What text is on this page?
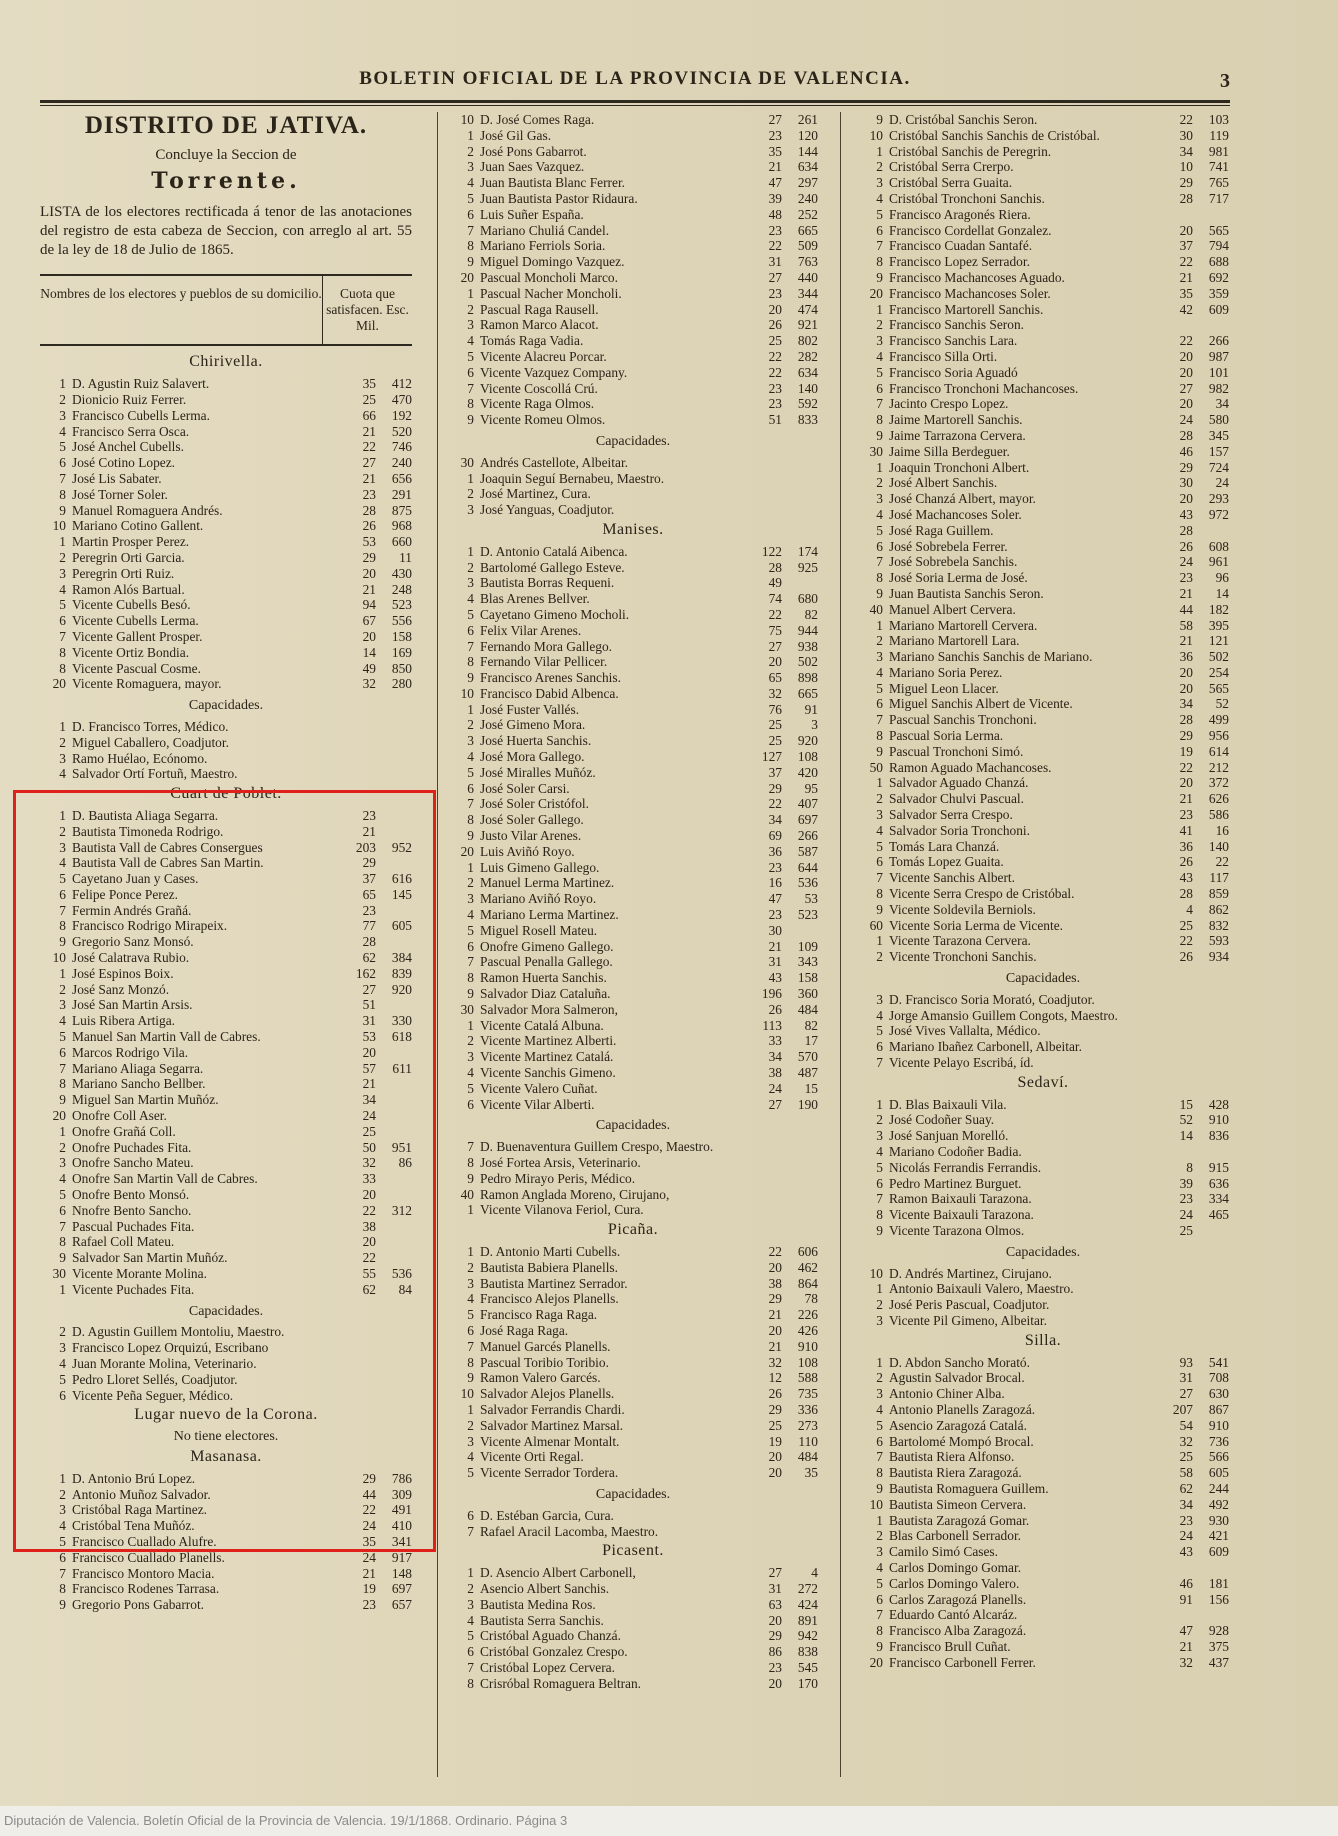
BOLETIN OFICIAL DE LA PROVINCIA DE VALENCIA.	3
DISTRITO DE JATIVA.
Concluye la Seccion de
Torrente.
LISTA de los electores rectificada á tenor de las anotaciones del registro de esta cabeza de Seccion, con arreglo al art. 55 de la ley de 18 de Julio de 1865.
Nombres de los electores y pueblos de su domicilio.	Cuota que satisfacen. Esc. Mil.
Chirivella.
1 D. Agustin Ruiz Salavert.	35	412
2 Dionicio Ruiz Ferrer.	25	470
3 Francisco Cubells Lerma.	66	192
4 Francisco Serra Osca.	21	520
5 José Anchel Cubells.	22	746
6 José Cotino Lopez.	27	240
7 José Lis Sabater.	21	656
8 José Torner Soler.	23	291
9 Manuel Romaguera Andrés.	28	875
10 Mariano Cotino Gallent.	26	968
1 Martin Prosper Perez.	53	660
2 Peregrin Orti Garcia.	29	11
3 Peregrin Orti Ruiz.	20	430
4 Ramon Alós Bartual.	21	248
5 Vicente Cubells Besó.	94	523
6 Vicente Cubells Lerma.	67	556
7 Vicente Gallent Prosper.	20	158
8 Vicente Ortiz Bondia.	14	169
8 Vicente Pascual Cosme.	49	850
20 Vicente Romaguera, mayor.	32	280
Capacidades.
1 D. Francisco Torres, Médico.
2 Miguel Caballero, Coadjutor.
3 Ramo Huélao, Ecónomo.
4 Salvador Ortí Fortuñ, Maestro.
Cuart de Poblet.
1 D. Bautista Aliaga Segarra.	23
2 Bautista Timoneda Rodrigo.	21
3 Bautista Vall de Cabres Consergues	203	952
4 Bautista Vall de Cabres San Martin.	29
5 Cayetano Juan y Cases.	37	616
6 Felipe Ponce Perez.	65	145
7 Fermin Andrés Grañá.	23
8 Francisco Rodrigo Mirapeix.	77	605
9 Gregorio Sanz Monsó.	28
10 José Calatrava Rubio.	62	384
1 José Espinos Boix.	162	839
2 José Sanz Monzó.	27	920
3 José San Martin Arsis.	51
4 Luis Ribera Artiga.	31	330
5 Manuel San Martin Vall de Cabres.	53	618
6 Marcos Rodrigo Vila.	20
7 Mariano Aliaga Segarra.	57	611
8 Mariano Sancho Bellber.	21
9 Miguel San Martin Muñóz.	34
20 Onofre Coll Aser.	24
1 Onofre Grañá Coll.	25
2 Onofre Puchades Fita.	50	951
3 Onofre Sancho Mateu.	32	86
4 Onofre San Martin Vall de Cabres.	33
5 Onofre Bento Monsó.	20
6 Nnofre Bento Sancho.	22	312
7 Pascual Puchades Fita.	38
8 Rafael Coll Mateu.	20
9 Salvador San Martin Muñóz.	22
30 Vicente Morante Molina.	55	536
1 Vicente Puchades Fita.	62	84
Capacidades.
2 D. Agustin Guillem Montoliu, Maestro.
3 Francisco Lopez Orquizú, Escribano
4 Juan Morante Molina, Veterinario.
5 Pedro Lloret Sellés, Coadjutor.
6 Vicente Peña Seguer, Médico.
Lugar nuevo de la Corona.
No tiene electores.
Masanasa.
1 D. Antonio Brú Lopez.	29	786
2 Antonio Muñoz Salvador.	44	309
3 Cristóbal Raga Martinez.	22	491
4 Cristóbal Tena Muñóz.	24	410
5 Francisco Cuallado Alufre.	35	341
6 Francisco Cuallado Planells.	24	917
7 Francisco Montoro Macia.	21	148
8 Francisco Rodenes Tarrasa.	19	697
9 Gregorio Pons Gabarrot.	23	657
10 D. José Comes Raga.	27	261
1 José Gil Gas.	23	120
2 José Pons Gabarrot.	35	144
3 Juan Saes Vazquez.	21	634
4 Juan Bautista Blanc Ferrer.	47	297
5 Juan Bautista Pastor Ridaura.	39	240
6 Luis Suñer España.	48	252
7 Mariano Chuliá Candel.	23	665
8 Mariano Ferriols Soria.	22	509
9 Miguel Domingo Vazquez.	31	763
20 Pascual Moncholi Marco.	27	440
1 Pascual Nacher Moncholi.	23	344
2 Pascual Raga Rausell.	20	474
3 Ramon Marco Alacot.	26	921
4 Tomás Raga Vadia.	25	802
5 Vicente Alacreu Porcar.	22	282
6 Vicente Vazquez Company.	22	634
7 Vicente Coscollá Crú.	23	140
8 Vicente Raga Olmos.	23	592
9 Vicente Romeu Olmos.	51	833
Capacidades.
30 Andrés Castellote, Albeitar.
1 Joaquin Seguí Bernabeu, Maestro.
2 José Martinez, Cura.
3 José Yanguas, Coadjutor.
Manises.
1 D. Antonio Catalá Aibenca.	122	174
2 Bartolomé Gallego Esteve.	28	925
3 Bautista Borras Requeni.	49
4 Blas Arenes Bellver.	74	680
5 Cayetano Gimeno Mocholi.	22	82
6 Felix Vilar Arenes.	75	944
7 Fernando Mora Gallego.	27	938
8 Fernando Vilar Pellicer.	20	502
9 Francisco Arenes Sanchis.	65	898
10 Francisco Dabid Albenca.	32	665
1 José Fuster Vallés.	76	91
2 José Gimeno Mora.	25	3
3 José Huerta Sanchis.	25	920
4 José Mora Gallego.	127	108
5 José Miralles Muñóz.	37	420
6 José Soler Carsi.	29	95
7 José Soler Cristófol.	22	407
8 José Soler Gallego.	34	697
9 Justo Vilar Arenes.	69	266
20 Luis Aviñó Royo.	36	587
1 Luis Gimeno Gallego.	23	644
2 Manuel Lerma Martinez.	16	536
3 Mariano Aviñó Royo.	47	53
4 Mariano Lerma Martinez.	23	523
5 Miguel Rosell Mateu.	30
6 Onofre Gimeno Gallego.	21	109
7 Pascual Penalla Gallego.	31	343
8 Ramon Huerta Sanchis.	43	158
9 Salvador Diaz Cataluña.	196	360
30 Salvador Mora Salmeron,	26	484
1 Vicente Catalá Albuna.	113	82
2 Vicente Martinez Alberti.	33	17
3 Vicente Martinez Catalá.	34	570
4 Vicente Sanchis Gimeno.	38	487
5 Vicente Valero Cuñat.	24	15
6 Vicente Vilar Alberti.	27	190
Capacidades.
7 D. Buenaventura Guillem Crespo, Maestro.
8 José Fortea Arsis, Veterinario.
9 Pedro Mirayo Peris, Médico.
40 Ramon Anglada Moreno, Cirujano,
1 Vicente Vilanova Feriol, Cura.
Picaña.
1 D. Antonio Marti Cubells.	22	606
2 Bautista Babiera Planells.	20	462
3 Bautista Martinez Serrador.	38	864
4 Francisco Alejos Planells.	29	78
5 Francisco Raga Raga.	21	226
6 José Raga Raga.	20	426
7 Manuel Garcés Planells.	21	910
8 Pascual Toribio Toribio.	32	108
9 Ramon Valero Garcés.	12	588
10 Salvador Alejos Planells.	26	735
1 Salvador Ferrandis Chardi.	29	336
2 Salvador Martinez Marsal.	25	273
3 Vicente Almenar Montalt.	19	110
4 Vicente Orti Regal.	20	484
5 Vicente Serrador Tordera.	20	35
Capacidades.
6 D. Estéban Garcia, Cura.
7 Rafael Aracil Lacomba, Maestro.
Picasent.
1 D. Asencio Albert Carbonell,	27	4
2 Asencio Albert Sanchis.	31	272
3 Bautista Medina Ros.	63	424
4 Bautista Serra Sanchis.	20	891
5 Cristóbal Aguado Chanzá.	29	942
6 Cristóbal Gonzalez Crespo.	86	838
7 Cristóbal Lopez Cervera.	23	545
8 Crisróbal Romaguera Beltran.	20	170
9 D. Cristóbal Sanchis Seron.	22	103
10 Cristóbal Sanchis Sanchis de Cristóbal.	30	119
1 Cristóbal Sanchis de Peregrin.	34	981
2 Cristóbal Serra Crerpo.	10	741
3 Cristóbal Serra Guaita.	29	765
4 Cristóbal Tronchoni Sanchis.	28	717
5 Francisco Aragonés Riera.
6 Francisco Cordellat Gonzalez.	20	565
7 Francisco Cuadan Santafé.	37	794
8 Francisco Lopez Serrador.	22	688
9 Francisco Machancoses Aguado.	21	692
20 Francisco Machancoses Soler.	35	359
1 Francisco Martorell Sanchis.	42	609
2 Francisco Sanchis Seron.
3 Francisco Sanchis Lara.	22	266
4 Francisco Silla Orti.	20	987
5 Francisco Soria Aguadó	20	101
6 Francisco Tronchoni Machancoses.	27	982
7 Jacinto Crespo Lopez.	20	34
8 Jaime Martorell Sanchis.	24	580
9 Jaime Tarrazona Cervera.	28	345
30 Jaime Silla Berdeguer.	46	157
1 Joaquin Tronchoni Albert.	29	724
2 José Albert Sanchis.	30	24
3 José Chanzá Albert, mayor.	20	293
4 José Machancoses Soler.	43	972
5 José Raga Guillem.	28
6 José Sobrebela Ferrer.	26	608
7 José Sobrebela Sanchis.	24	961
8 José Soria Lerma de José.	23	96
9 Juan Bautista Sanchis Seron.	21	14
40 Manuel Albert Cervera.	44	182
1 Mariano Martorell Cervera.	58	395
2 Mariano Martorell Lara.	21	121
3 Mariano Sanchis Sanchis de Mariano.	36	502
4 Mariano Soria Perez.	20	254
5 Miguel Leon Llacer.	20	565
6 Miguel Sanchis Albert de Vicente.	34	52
7 Pascual Sanchis Tronchoni.	28	499
8 Pascual Soria Lerma.	29	956
9 Pascual Tronchoni Simó.	19	614
50 Ramon Aguado Machancoses.	22	212
1 Salvador Aguado Chanzá.	20	372
2 Salvador Chulvi Pascual.	21	626
3 Salvador Serra Crespo.	23	586
4 Salvador Soria Tronchoni.	41	16
5 Tomás Lara Chanzá.	36	140
6 Tomás Lopez Guaita.	26	22
7 Vicente Sanchis Albert.	43	117
8 Vicente Serra Crespo de Cristóbal.	28	859
9 Vicente Soldevila Berniols.	4	862
60 Vicente Soria Lerma de Vicente.	25	832
1 Vicente Tarazona Cervera.	22	593
2 Vicente Tronchoni Sanchis.	26	934
Capacidades.
3 D. Francisco Soria Morató, Coadjutor.
4 Jorge Amansio Guillem Congots, Maestro.
5 José Vives Vallalta, Médico.
6 Mariano Ibañez Carbonell, Albeitar.
7 Vicente Pelayo Escribá, íd.
Sedaví.
1 D. Blas Baixauli Vila.	15	428
2 José Codoñer Suay.	52	910
3 José Sanjuan Morelló.	14	836
4 Mariano Codoñer Badia.
5 Nicolás Ferrandis Ferrandis.	8	915
6 Pedro Martinez Burguet.	39	636
7 Ramon Baixauli Tarazona.	23	334
8 Vicente Baixauli Tarazona.	24	465
9 Vicente Tarazona Olmos.	25
Capacidades.
10 D. Andrés Martinez, Cirujano.
1 Antonio Baixauli Valero, Maestro.
2 José Peris Pascual, Coadjutor.
3 Vicente Pil Gimeno, Albeitar.
Silla.
1 D. Abdon Sancho Morató.	93	541
2 Agustin Salvador Brocal.	31	708
3 Antonio Chiner Alba.	27	630
4 Antonio Planells Zaragozá.	207	867
5 Asencio Zaragozá Catalá.	54	910
6 Bartolomé Mompó Brocal.	32	736
7 Bautista Riera Alfonso.	25	566
8 Bautista Riera Zaragozá.	58	605
9 Bautista Romaguera Guillem.	62	244
10 Bautista Simeon Cervera.	34	492
1 Bautista Zaragozá Gomar.	23	930
2 Blas Carbonell Serrador.	24	421
3 Camilo Simó Cases.	43	609
4 Carlos Domingo Gomar.
5 Carlos Domingo Valero.	46	181
6 Carlos Zaragozá Planells.	91	156
7 Eduardo Cantó Alcaráz.
8 Francisco Alba Zaragozá.	47	928
9 Francisco Brull Cuñat.	21	375
20 Francisco Carbonell Ferrer.	32	437
Diputación de Valencia. Boletín Oficial de la Provincia de Valencia. 19/1/1868. Ordinario. Página 3
